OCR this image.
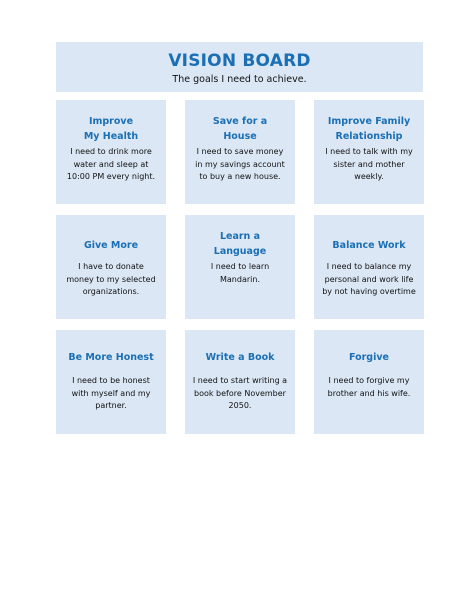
VISION BOARD
The goals I need to achieve.
Improve
My Health
I need to drink more
water and sleep at
10:00 PM every night.
Save for a
House
I need to save money
in my savings account
to buy a new house.
Improve Family
Relationship
I need to talk with my
sister and mother
weekly.
Give More
I have to donate
money to my selected
organizations.
Learn a
Language
I need to learn
Mandarin.
Balance Work
I need to balance my
personal and work life
by not having overtime
Be More Honest
I need to be honest
with myself and my
partner.
Write a Book
I need to start writing a
book before November
2050.
Forgive
I need to forgive my
brother and his wife.
